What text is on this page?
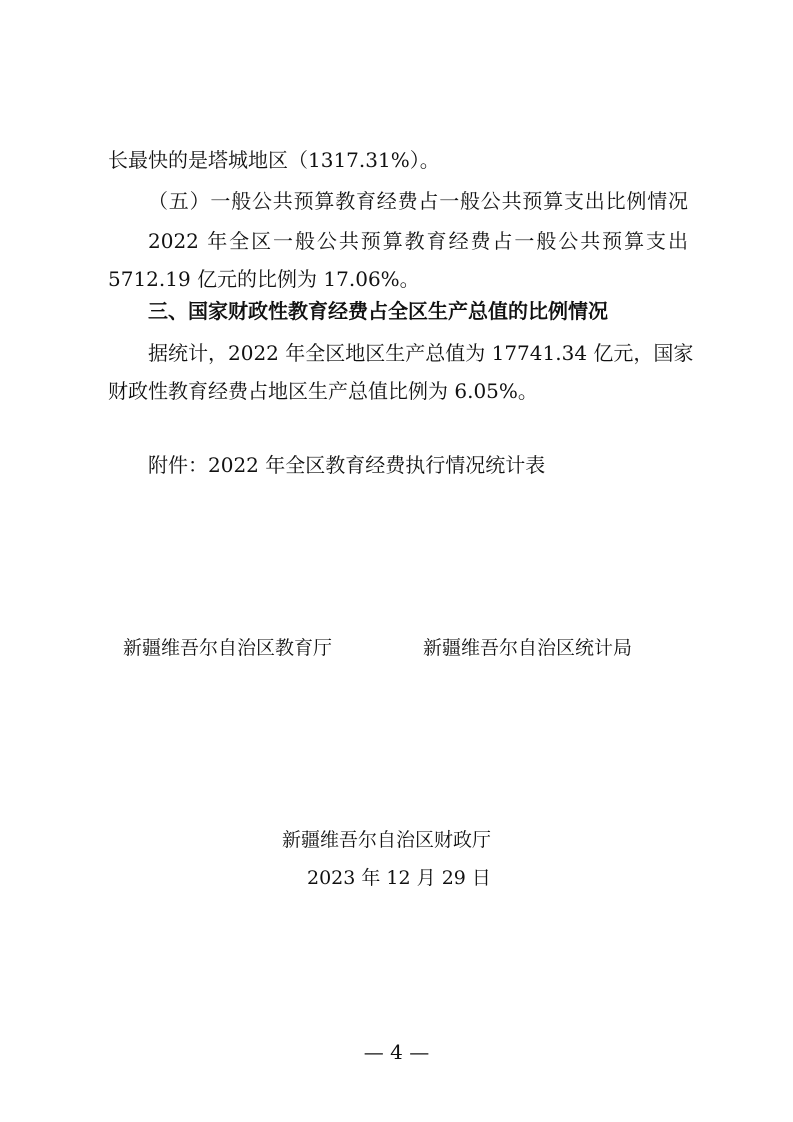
长最快的是塔城地区（1317.31%）。
（五）一般公共预算教育经费占一般公共预算支出比例情况
2022 年全区一般公共预算教育经费占一般公共预算支出
5712.19 亿元的比例为 17.06%。
三、国家财政性教育经费占全区生产总值的比例情况
据统计，2022 年全区地区生产总值为 17741.34 亿元，国家
财政性教育经费占地区生产总值比例为 6.05%。
附件：2022 年全区教育经费执行情况统计表
新疆维吾尔自治区教育厅	新疆维吾尔自治区统计局
新疆维吾尔自治区财政厅
2023 年 12 月 29 日
— 4 —
